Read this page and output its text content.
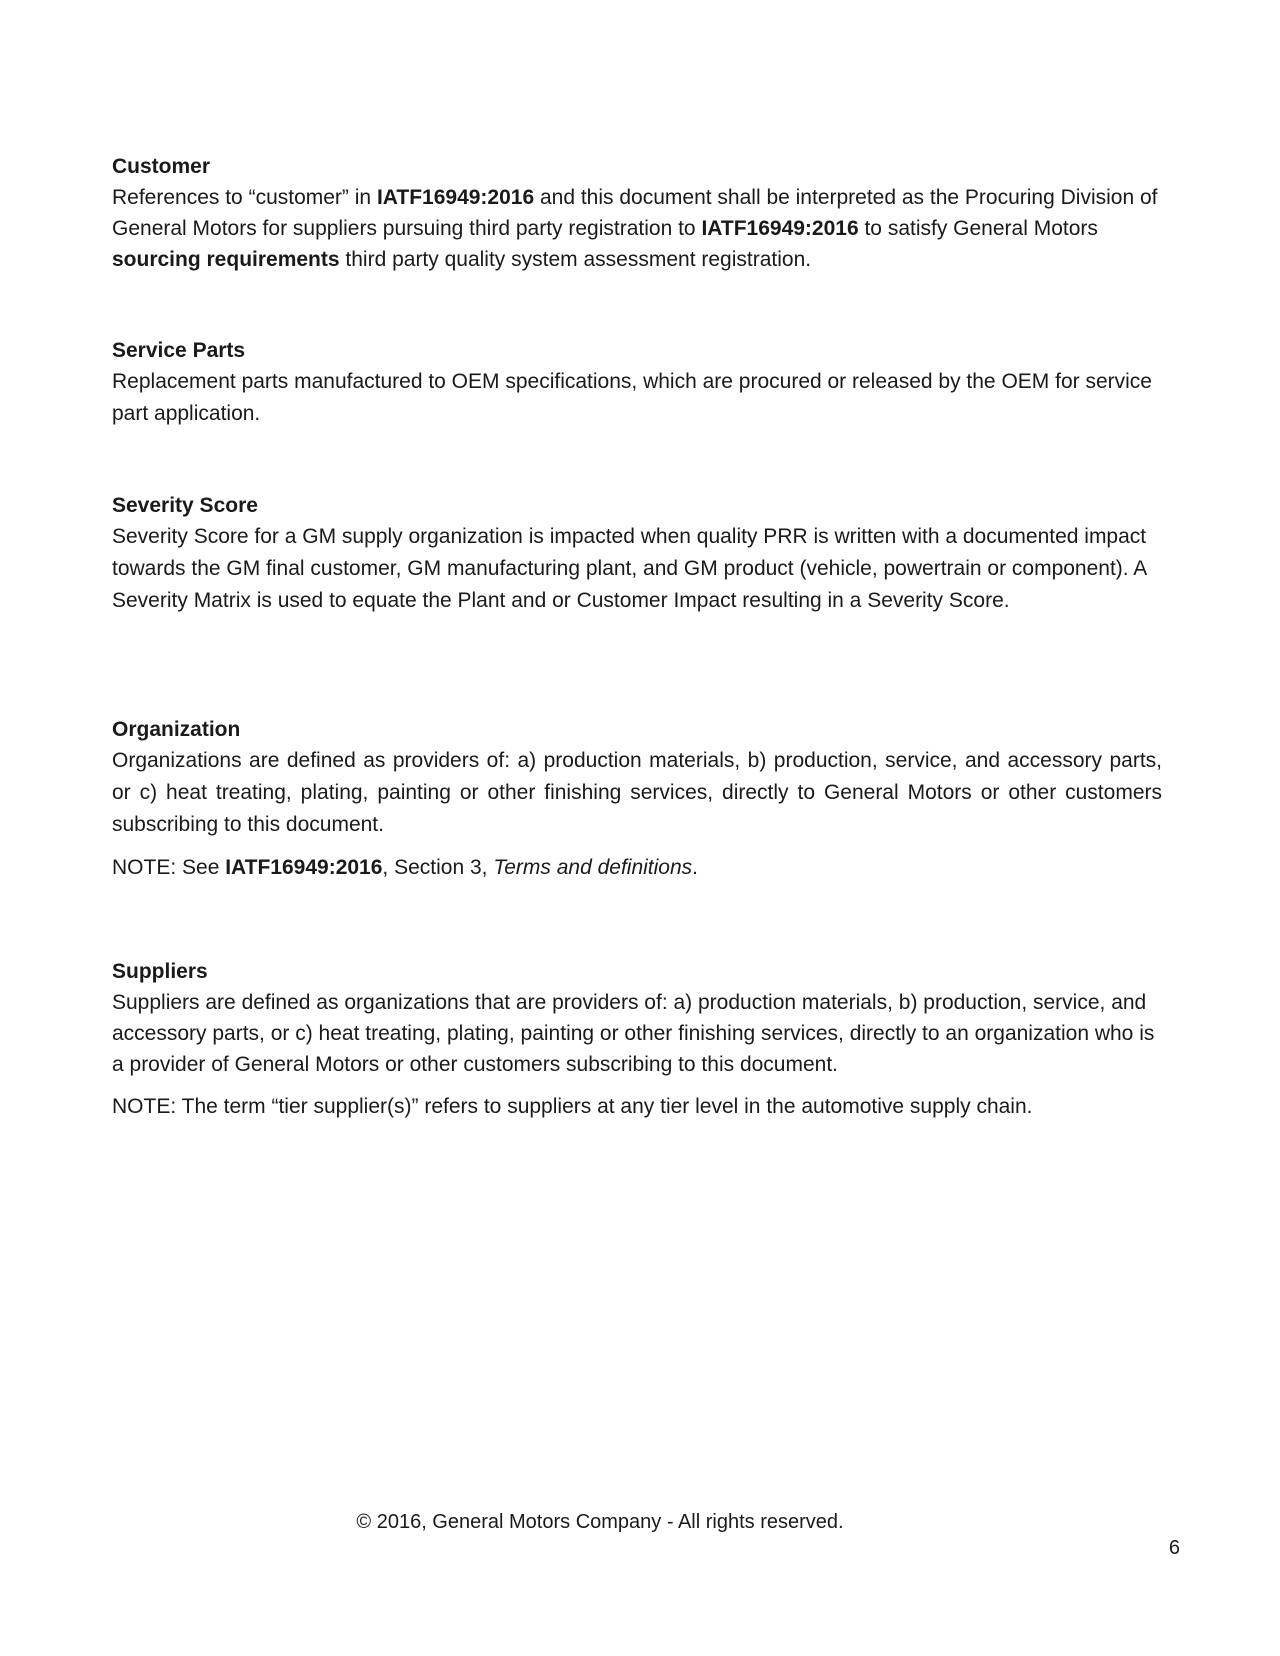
Customer

References to “customer” in IATF16949:2016 and this document shall be interpreted as the Procuring Division of General Motors for suppliers pursuing third party registration to IATF16949:2016 to satisfy General Motors sourcing requirements third party quality system assessment registration.

Service Parts

Replacement parts manufactured to OEM specifications, which are procured or released by the OEM for service part application.

Severity Score

Severity Score for a GM supply organization is impacted when quality PRR is written with a documented impact towards the GM final customer, GM manufacturing plant, and GM product (vehicle, powertrain or component). A Severity Matrix is used to equate the Plant and or Customer Impact resulting in a Severity Score.

Organization

Organizations are defined as providers of: a) production materials, b) production, service, and accessory parts, or c) heat treating, plating, painting or other finishing services, directly to General Motors or other customers subscribing to this document.

NOTE: See IATF16949:2016, Section 3, Terms and definitions.

Suppliers

Suppliers are defined as organizations that are providers of: a) production materials, b) production, service, and accessory parts, or c) heat treating, plating, painting or other finishing services, directly to an organization who is a provider of General Motors or other customers subscribing to this document.

NOTE: The term “tier supplier(s)” refers to suppliers at any tier level in the automotive supply chain.

© 2016, General Motors Company - All rights reserved.
6
